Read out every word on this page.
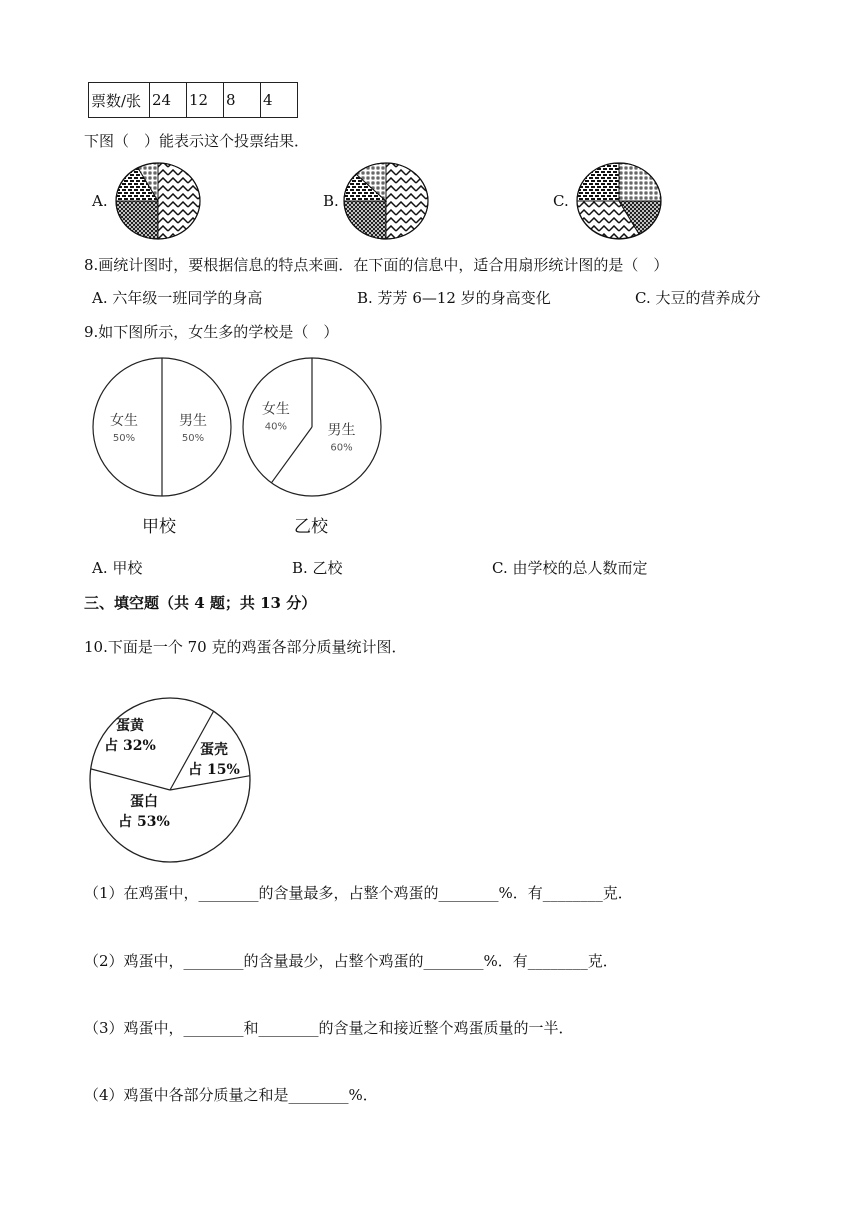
票数/张	24	12	8	4
下图（　）能表示这个投票结果．
A.	B.	C.
8.画统计图时，要根据信息的特点来画．在下面的信息中，适合用扇形统计图的是（　）
A. 六年级一班同学的身高	B. 芳芳 6—12 岁的身高变化	C. 大豆的营养成分
9.如下图所示，女生多的学校是（　）
女生
50%
男生
50%
女生
40%	男生
60%
甲校	乙校
A. 甲校	B. 乙校	C. 由学校的总人数而定
三、填空题（共 4 题；共 13 分）
10.下面是一个 70 克的鸡蛋各部分质量统计图．
蛋黄
占 32%	蛋壳
占 15%
蛋白
占 53%
（1）在鸡蛋中，________的含量最多，占整个鸡蛋的________%．有________克．
（2）鸡蛋中，________的含量最少，占整个鸡蛋的________%．有________克．
（3）鸡蛋中，________和________的含量之和接近整个鸡蛋质量的一半．
（4）鸡蛋中各部分质量之和是________%．
